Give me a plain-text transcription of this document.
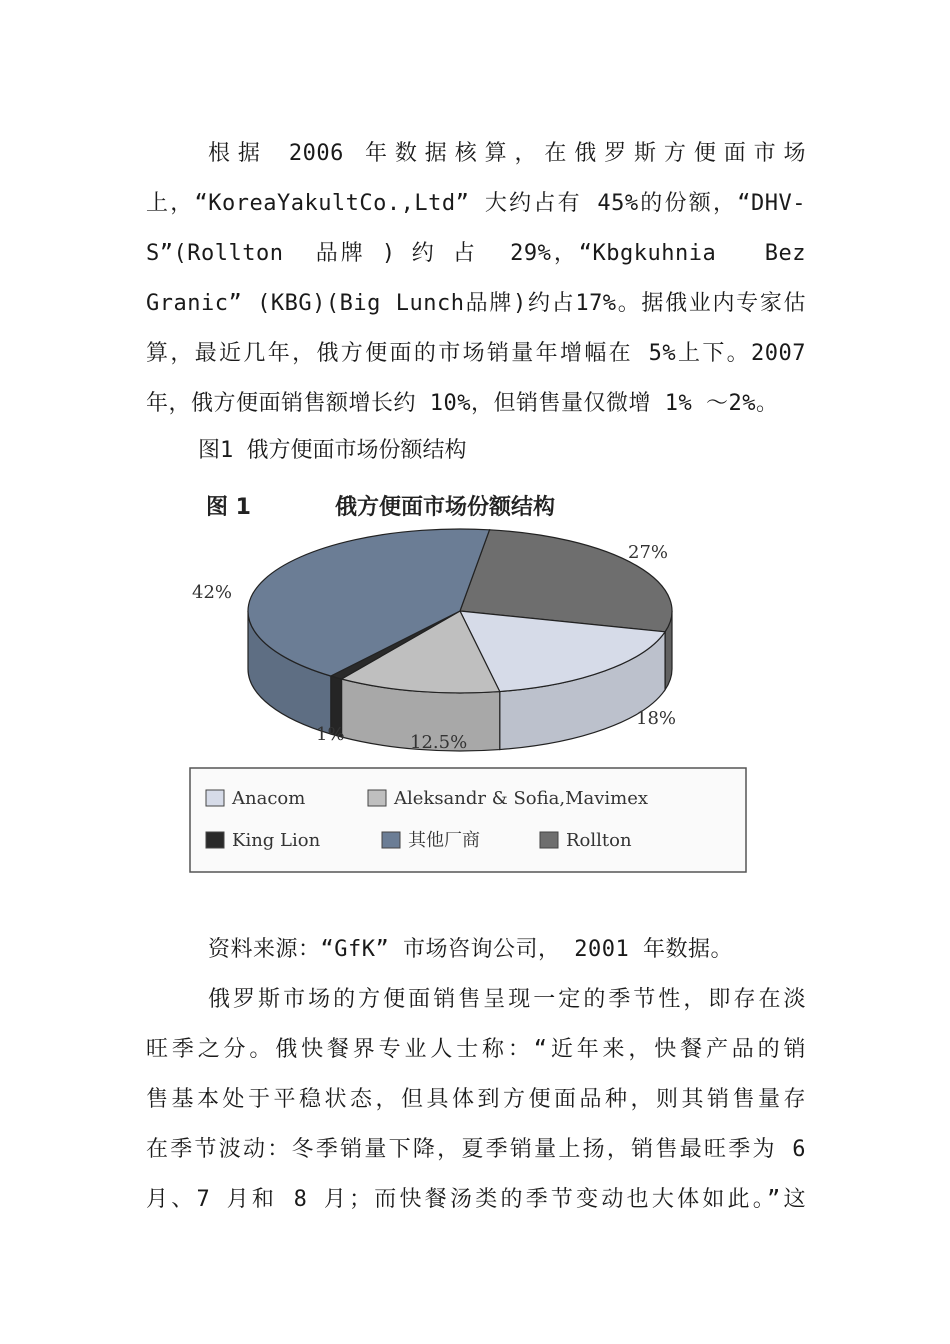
根据 2006 年数据核算，在俄罗斯方便面市场
上，“KoreaYakultCo.,Ltd” 大约占有 45%的份额，“DHV-
S”(Rollton  品牌 ) 约 占  29%，“Kbgkuhnia   Bez
Granic” (KBG)(Big Lunch品牌)约占17%。据俄业内专家估
算，最近几年，俄方便面的市场销量年增幅在 5%上下。2007
年，俄方便面销售额增长约 10%，但销售量仅微增 1% ～2%。
图1 俄方便面市场份额结构
图 1	俄方便面市场份额结构
27%
18%
12.5%
1%
42%
Anacom	Aleksandr & Sofia,Mavimex
King Lion	其他厂商	Rollton
资料来源：“GfK” 市场咨询公司， 2001 年数据。
俄罗斯市场的方便面销售呈现一定的季节性，即存在淡
旺季之分。俄快餐界专业人士称：“近年来，快餐产品的销
售基本处于平稳状态，但具体到方便面品种，则其销售量存
在季节波动：冬季销量下降，夏季销量上扬，销售最旺季为 6
月、7 月和 8 月；而快餐汤类的季节变动也大体如此。”这
